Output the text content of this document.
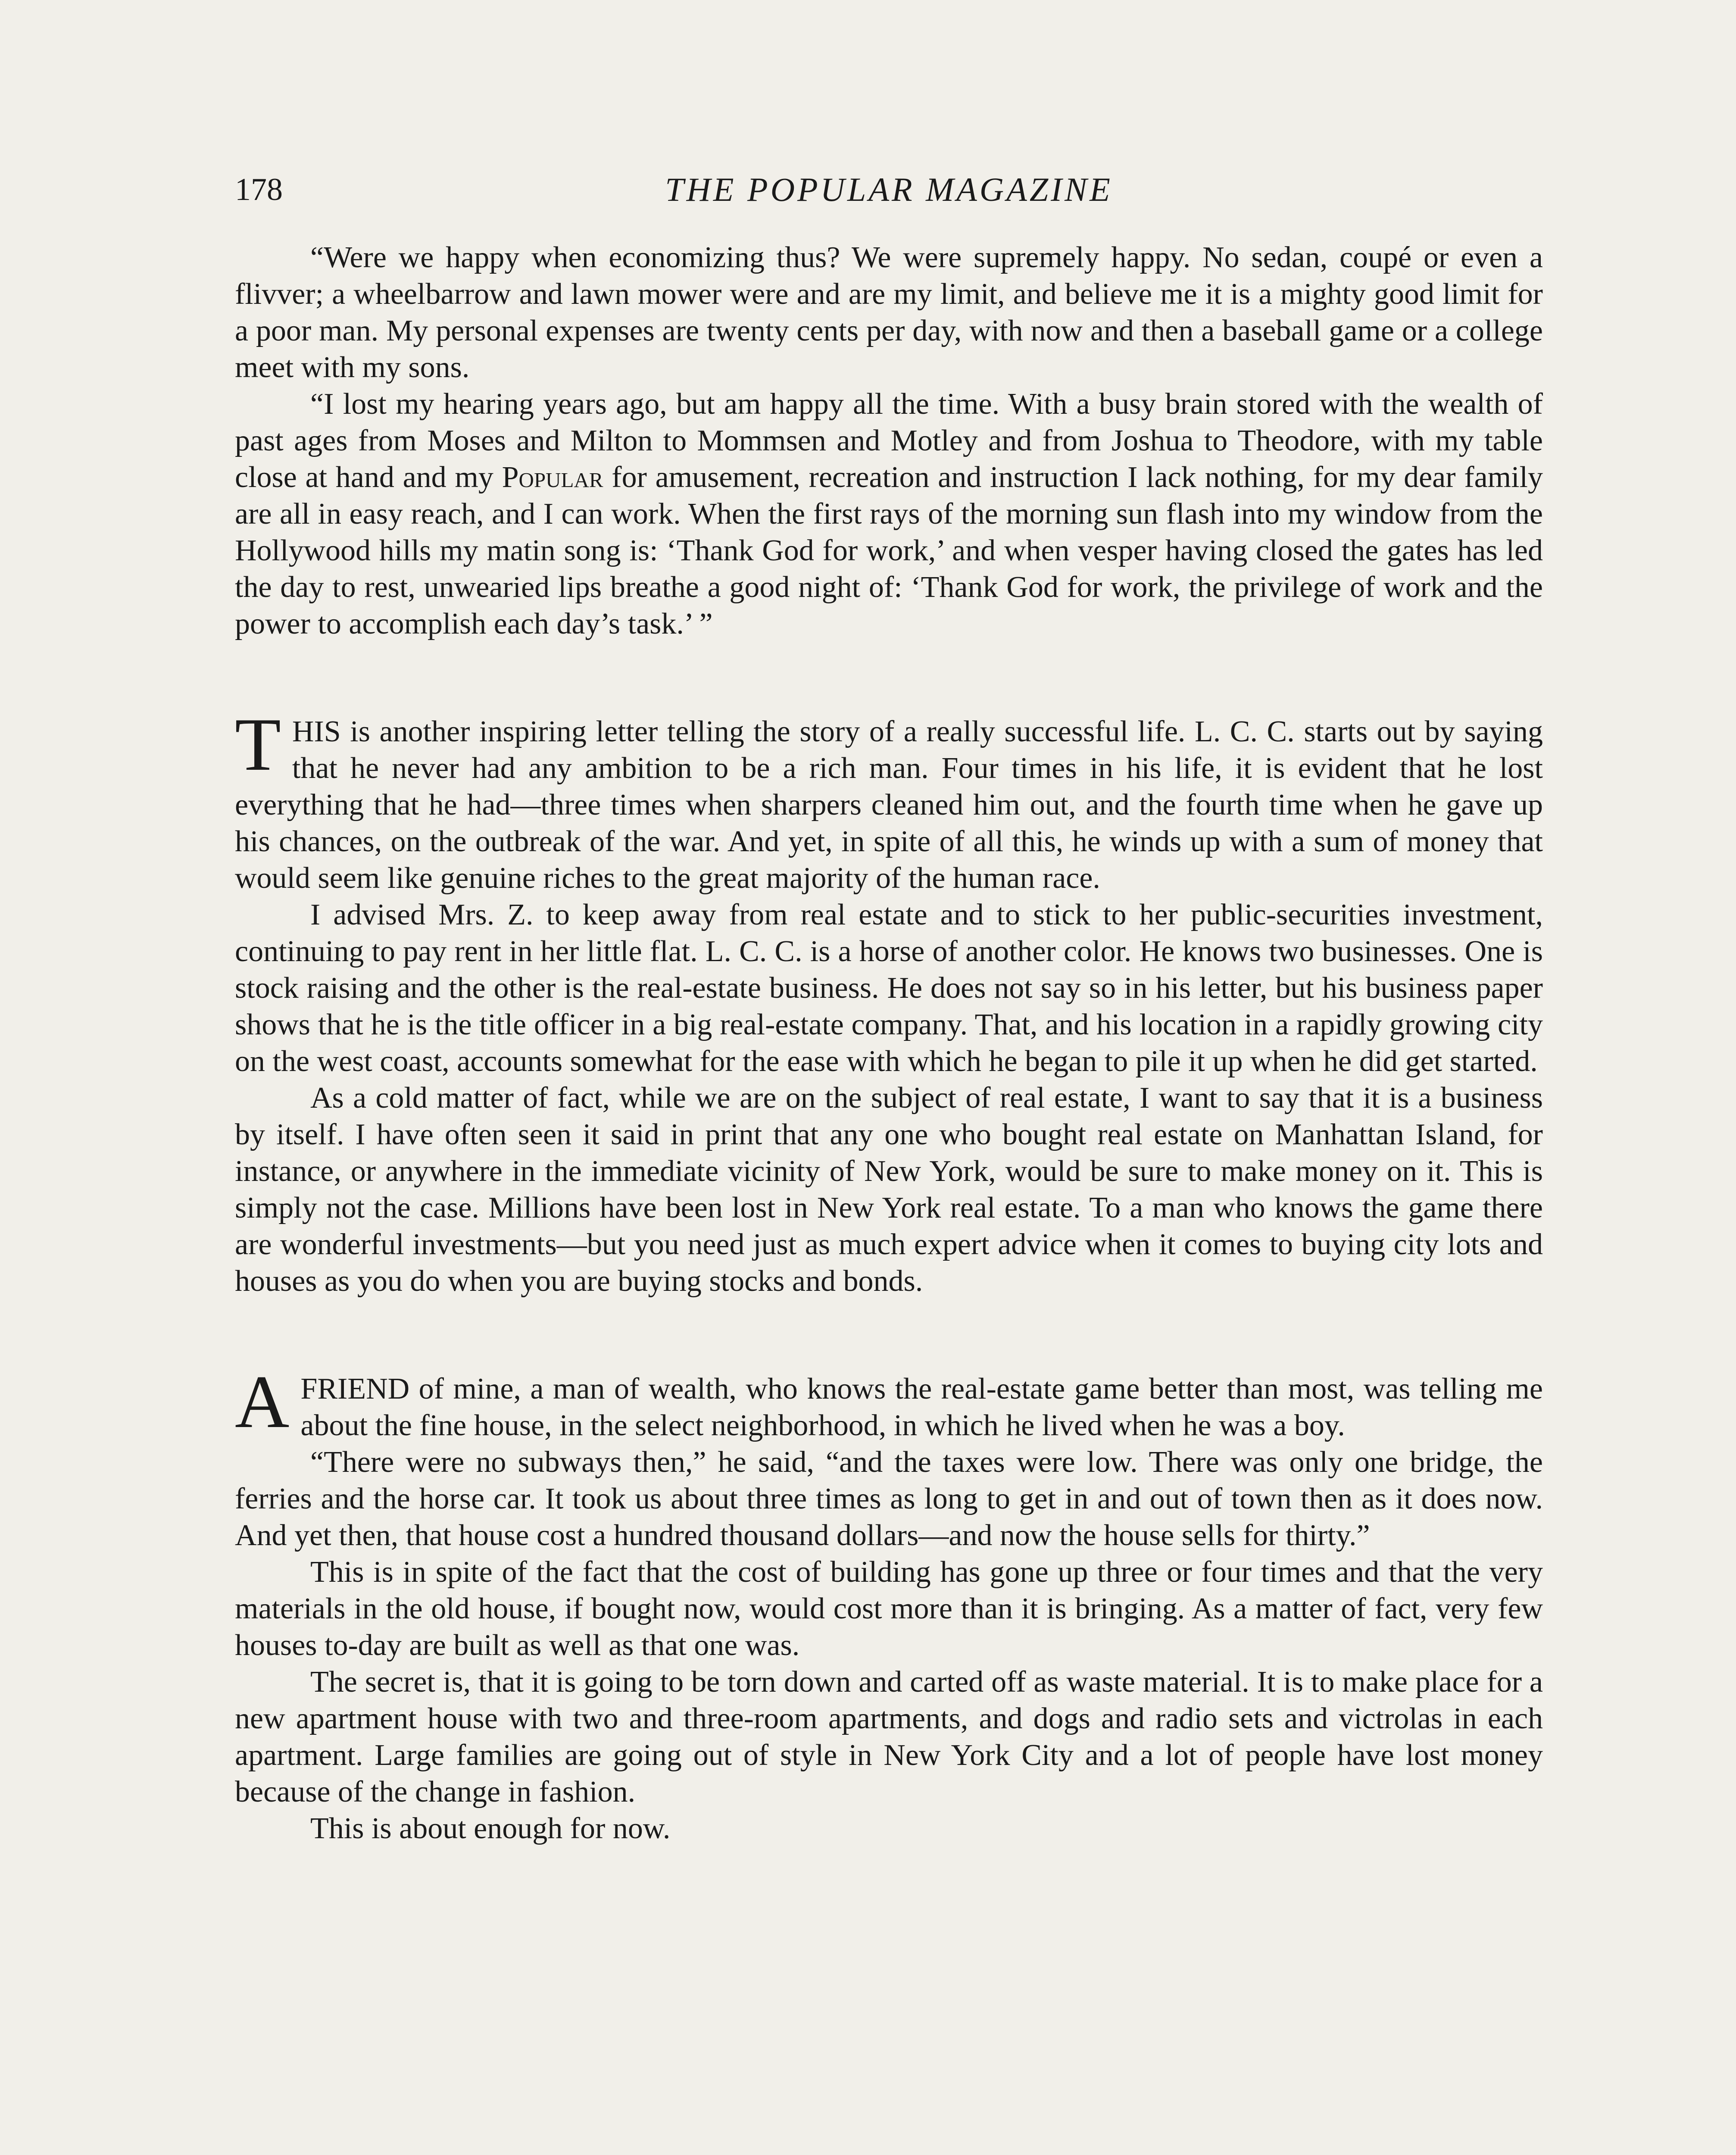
178	THE POPULAR MAGAZINE

“Were we happy when economizing thus? We were supremely happy. No sedan, coupé or even a flivver; a wheelbarrow and lawn mower were and are my limit, and believe me it is a mighty good limit for a poor man. My personal expenses are twenty cents per day, with now and then a baseball game or a college meet with my sons.

“I lost my hearing years ago, but am happy all the time. With a busy brain stored with the wealth of past ages from Moses and Milton to Mommsen and Motley and from Joshua to Theodore, with my table close at hand and my Popular for amusement, recreation and instruction I lack nothing, for my dear family are all in easy reach, and I can work. When the first rays of the morning sun flash into my window from the Hollywood hills my matin song is: ‘Thank God for work,’ and when vesper having closed the gates has led the day to rest, unwearied lips breathe a good night of: ‘Thank God for work, the privilege of work and the power to accomplish each day’s task.’ ”

THIS is another inspiring letter telling the story of a really successful life. L. C. C. starts out by saying that he never had any ambition to be a rich man. Four times in his life, it is evident that he lost everything that he had—three times when sharpers cleaned him out, and the fourth time when he gave up his chances, on the outbreak of the war. And yet, in spite of all this, he winds up with a sum of money that would seem like genuine riches to the great majority of the human race.

I advised Mrs. Z. to keep away from real estate and to stick to her public-securities investment, continuing to pay rent in her little flat. L. C. C. is a horse of another color. He knows two businesses. One is stock raising and the other is the real-estate business. He does not say so in his letter, but his business paper shows that he is the title officer in a big real-estate company. That, and his location in a rapidly growing city on the west coast, accounts somewhat for the ease with which he began to pile it up when he did get started.

As a cold matter of fact, while we are on the subject of real estate, I want to say that it is a business by itself. I have often seen it said in print that any one who bought real estate on Manhattan Island, for instance, or anywhere in the immediate vicinity of New York, would be sure to make money on it. This is simply not the case. Millions have been lost in New York real estate. To a man who knows the game there are wonderful investments—but you need just as much expert advice when it comes to buying city lots and houses as you do when you are buying stocks and bonds.

AFRIEND of mine, a man of wealth, who knows the real-estate game better than most, was telling me about the fine house, in the select neighborhood, in which he lived when he was a boy.

“There were no subways then,” he said, “and the taxes were low. There was only one bridge, the ferries and the horse car. It took us about three times as long to get in and out of town then as it does now. And yet then, that house cost a hundred thousand dollars—and now the house sells for thirty.”

This is in spite of the fact that the cost of building has gone up three or four times and that the very materials in the old house, if bought now, would cost more than it is bringing. As a matter of fact, very few houses to-day are built as well as that one was.

The secret is, that it is going to be torn down and carted off as waste material. It is to make place for a new apartment house with two and three-room apartments, and dogs and radio sets and victrolas in each apartment. Large families are going out of style in New York City and a lot of people have lost money because of the change in fashion.

This is about enough for now.
